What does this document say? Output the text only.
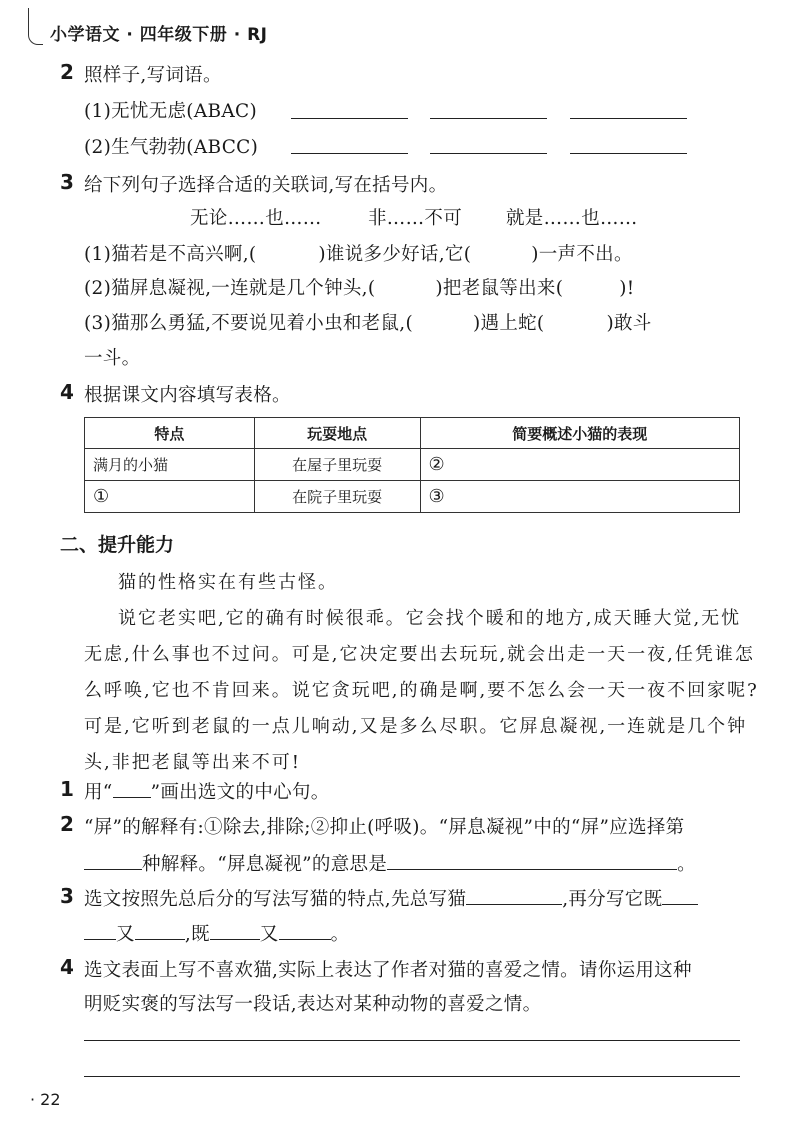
小学语文 · 四年级下册 · RJ
2 照样子,写词语。
(1)无忧无虑(ABAC)
(2)生气勃勃(ABCC)
3 给下列句子选择合适的关联词,写在括号内。
无论……也……	非……不可 就是……也……
(1)猫若是不高兴啊,(	)谁说多少好话,它(	)一声不出。
(2)猫屏息凝视,一连就是几个钟头,(	)把老鼠等出来(	)!
(3)猫那么勇猛,不要说见着小虫和老鼠,(	)遇上蛇(	)敢斗
一斗。
4 根据课文内容填写表格。
特点	玩耍地点	简要概述小猫的表现
满月的小猫	在屋子里玩耍	②
①	在院子里玩耍	③
二、提升能力
猫的性格实在有些古怪。
说它老实吧,它的确有时候很乖。它会找个暖和的地方,成天睡大觉,无忧
无虑,什么事也不过问。可是,它决定要出去玩玩,就会出走一天一夜,任凭谁怎
么呼唤,它也不肯回来。说它贪玩吧,的确是啊,要不怎么会一天一夜不回家呢?
可是,它听到老鼠的一点儿响动,又是多么尽职。它屏息凝视,一连就是几个钟
头,非把老鼠等出来不可!
1 用“ ”画出选文的中心句。
2 “屏”的解释有:①除去,排除;②抑止(呼吸)。“屏息凝视”中的“屏”应选择第
种解释。“屏息凝视”的意思是	。
3 选文按照先总后分的写法写猫的特点,先总写猫	,再分写它既
又	,既	又	。
4 选文表面上写不喜欢猫,实际上表达了作者对猫的喜爱之情。请你运用这种
明贬实褒的写法写一段话,表达对某种动物的喜爱之情。
· 22
